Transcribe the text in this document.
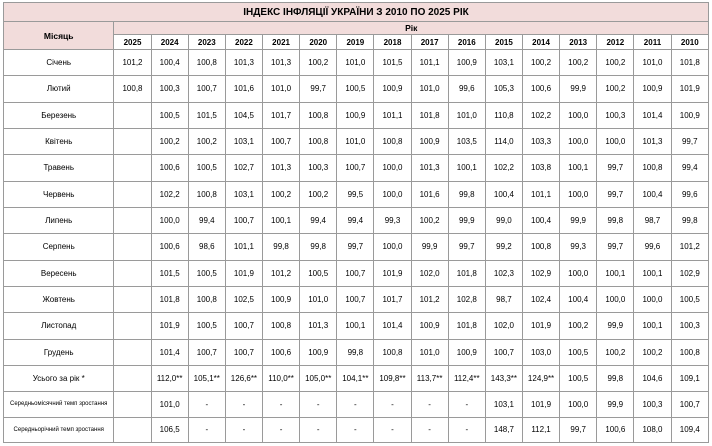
ІНДЕКС ІНФЛЯЦІЇ УКРАЇНИ З 2010 ПО 2025 РІК																
Місяць	Рік															
	2025	2024	2023	2022	2021	2020	2019	2018	2017	2016	2015	2014	2013	2012	2011	2010
Січень	101,2	100,4	100,8	101,3	101,3	100,2	101,0	101,5	101,1	100,9	103,1	100,2	100,2	100,2	101,0	101,8
Лютий	100,8	100,3	100,7	101,6	101,0	99,7	100,5	100,9	101,0	99,6	105,3	100,6	99,9	100,2	100,9	101,9
Березень		100,5	101,5	104,5	101,7	100,8	100,9	101,1	101,8	101,0	110,8	102,2	100,0	100,3	101,4	100,9
Квітень		100,2	100,2	103,1	100,7	100,8	101,0	100,8	100,9	103,5	114,0	103,3	100,0	100,0	101,3	99,7
Травень		100,6	100,5	102,7	101,3	100,3	100,7	100,0	101,3	100,1	102,2	103,8	100,1	99,7	100,8	99,4
Червень		102,2	100,8	103,1	100,2	100,2	99,5	100,0	101,6	99,8	100,4	101,1	100,0	99,7	100,4	99,6
Липень		100,0	99,4	100,7	100,1	99,4	99,4	99,3	100,2	99,9	99,0	100,4	99,9	99,8	98,7	99,8
Серпень		100,6	98,6	101,1	99,8	99,8	99,7	100,0	99,9	99,7	99,2	100,8	99,3	99,7	99,6	101,2
Вересень		101,5	100,5	101,9	101,2	100,5	100,7	101,9	102,0	101,8	102,3	102,9	100,0	100,1	100,1	102,9
Жовтень		101,8	100,8	102,5	100,9	101,0	100,7	101,7	101,2	102,8	98,7	102,4	100,4	100,0	100,0	100,5
Листопад		101,9	100,5	100,7	100,8	101,3	100,1	101,4	100,9	101,8	102,0	101,9	100,2	99,9	100,1	100,3
Грудень		101,4	100,7	100,7	100,6	100,9	99,8	100,8	101,0	100,9	100,7	103,0	100,5	100,2	100,2	100,8
Усього за рік *		112,0**	105,1**	126,6**	110,0**	105,0**	104,1**	109,8**	113,7**	112,4**	143,3**	124,9**	100,5	99,8	104,6	109,1
Середньомісячний темп зростання		101,0	-	-	-	-	-	-	-	-	103,1	101,9	100,0	99,9	100,3	100,7
Середньорічний темп зростання		106,5	-	-	-	-	-	-	-	-	148,7	112,1	99,7	100,6	108,0	109,4
